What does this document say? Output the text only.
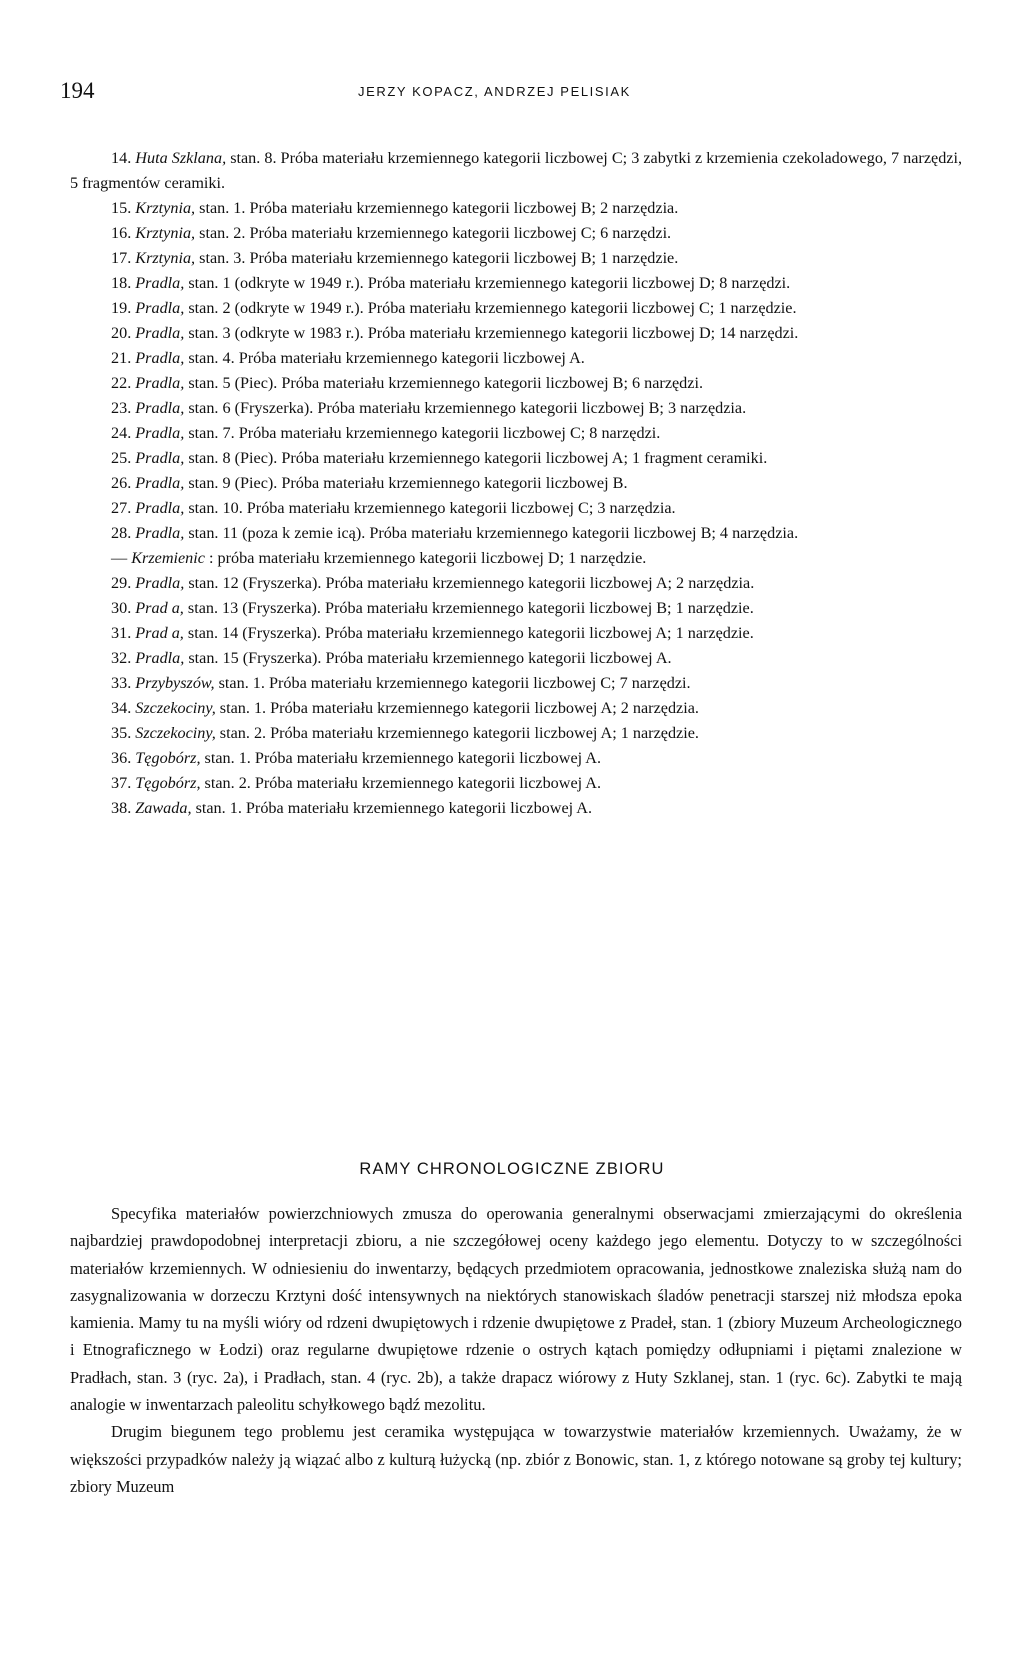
194	JERZY KOPACZ, ANDRZEJ PELISIAK

14. Huta Szklana, stan. 8. Próba materiału krzemiennego kategorii liczbowej C; 3 zabytki z krzemienia czekoladowego, 7 narzędzi, 5 fragmentów ceramiki.

15. Krztynia, stan. 1. Próba materiału krzemiennego kategorii liczbowej B; 2 narzędzia.

16. Krztynia, stan. 2. Próba materiału krzemiennego kategorii liczbowej C; 6 narzędzi.

17. Krztynia, stan. 3. Próba materiału krzemiennego kategorii liczbowej B; 1 narzędzie.

18. Pradla, stan. 1 (odkryte w 1949 r.). Próba materiału krzemiennego kategorii liczbowej D; 8 narzędzi.

19. Pradla, stan. 2 (odkryte w 1949 r.). Próba materiału krzemiennego kategorii liczbowej C; 1 narzędzie.

20. Pradla, stan. 3 (odkryte w 1983 r.). Próba materiału krzemiennego kategorii liczbowej D; 14 narzędzi.

21. Pradla, stan. 4. Próba materiału krzemiennego kategorii liczbowej A.

22. Pradla, stan. 5 (Piec). Próba materiału krzemiennego kategorii liczbowej B; 6 narzędzi.

23. Pradla, stan. 6 (Fryszerka). Próba materiału krzemiennego kategorii liczbowej B; 3 narzędzia.

24. Pradla, stan. 7. Próba materiału krzemiennego kategorii liczbowej C; 8 narzędzi.

25. Pradla, stan. 8 (Piec). Próba materiału krzemiennego kategorii liczbowej A; 1 fragment ceramiki.

26. Pradla, stan. 9 (Piec). Próba materiału krzemiennego kategorii liczbowej B.

27. Pradla, stan. 10. Próba materiału krzemiennego kategorii liczbowej C; 3 narzędzia.

28. Pradla, stan. 11 (poza k zemie icą). Próba materiału krzemiennego kategorii liczbowej B; 4 narzędzia.

— Krzemienic : próba materiału krzemiennego kategorii liczbowej D; 1 narzędzie.

29. Pradla, stan. 12 (Fryszerka). Próba materiału krzemiennego kategorii liczbowej A; 2 narzędzia.

30. Prad a, stan. 13 (Fryszerka). Próba materiału krzemiennego kategorii liczbowej B; 1 narzędzie.

31. Prad a, stan. 14 (Fryszerka). Próba materiału krzemiennego kategorii liczbowej A; 1 narzędzie.

32. Pradla, stan. 15 (Fryszerka). Próba materiału krzemiennego kategorii liczbowej A.

33. Przybyszów, stan. 1. Próba materiału krzemiennego kategorii liczbowej C; 7 narzędzi.

34. Szczekociny, stan. 1. Próba materiału krzemiennego kategorii liczbowej A; 2 narzędzia.

35. Szczekociny, stan. 2. Próba materiału krzemiennego kategorii liczbowej A; 1 narzędzie.

36. Tęgobórz, stan. 1. Próba materiału krzemiennego kategorii liczbowej A.

37. Tęgobórz, stan. 2. Próba materiału krzemiennego kategorii liczbowej A.

38. Zawada, stan. 1. Próba materiału krzemiennego kategorii liczbowej A.

RAMY CHRONOLOGICZNE ZBIORU

Specyfika materiałów powierzchniowych zmusza do operowania generalnymi obserwacjami zmierzającymi do określenia najbardziej prawdopodobnej interpretacji zbioru, a nie szczegółowej oceny każdego jego elementu. Dotyczy to w szczególności materiałów krzemiennych. W odniesieniu do inwentarzy, będących przedmiotem opracowania, jednostkowe znaleziska służą nam do zasygnalizowania w dorzeczu Krztyni dość intensywnych na niektórych stanowiskach śladów penetracji starszej niż młodsza epoka kamienia. Mamy tu na myśli wióry od rdzeni dwupiętowych i rdzenie dwupiętowe z Pradeł, stan. 1 (zbiory Muzeum Archeologicznego i Etnograficznego w Łodzi) oraz regularne dwupiętowe rdzenie o ostrych kątach pomiędzy odłupniami i piętami znalezione w Pradłach, stan. 3 (ryc. 2a), i Pradłach, stan. 4 (ryc. 2b), a także drapacz wiórowy z Huty Szklanej, stan. 1 (ryc. 6c). Zabytki te mają analogie w inwentarzach paleolitu schyłkowego bądź mezolitu.

Drugim biegunem tego problemu jest ceramika występująca w towarzystwie materiałów krzemiennych. Uważamy, że w większości przypadków należy ją wiązać albo z kulturą łużycką (np. zbiór z Bonowic, stan. 1, z którego notowane są groby tej kultury; zbiory Muzeum
